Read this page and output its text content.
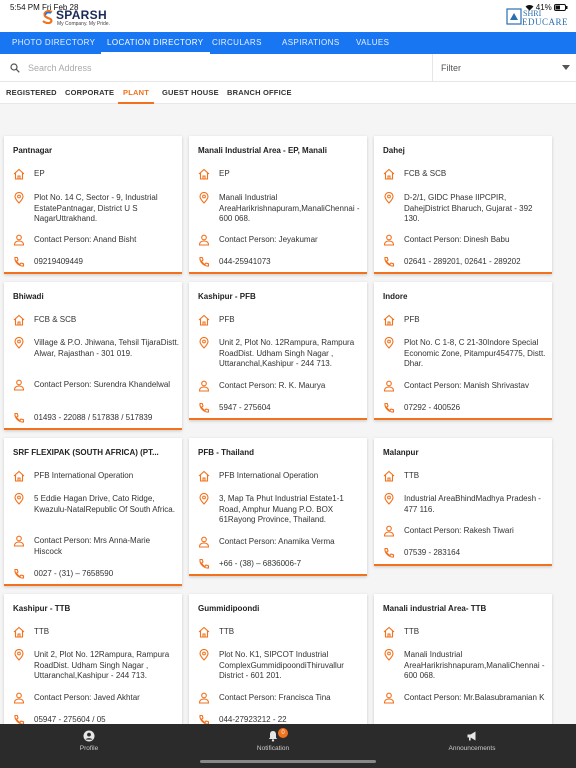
5:54 PM Fri Feb 28	41%
SPARSH
My Company. My Pride.
SHRI
EDUCARE
PHOTO DIRECTORY LOCATION DIRECTORY CIRCULARS	ASPIRATIONS VALUES
Search Address
Filter
REGISTERED CORPORATE PLANT GUEST HOUSE BRANCH OFFICE
Pantnagar
EP
Plot No. 14 C, Sector - 9, Industrial EstatePantnagar, District U S NagarUttrakhand.
Contact Person: Anand Bisht
09219409449
Manali Industrial Area - EP, Manali
EP
Manali Industrial AreaHarikrishnapuram,ManaliChennai - 600 068.
Contact Person: Jeyakumar
044-25941073
Dahej
FCB & SCB
D-2/1, GIDC Phase IIPCPIR, DahejDistrict Bharuch, Gujarat - 392 130.
Contact Person: Dinesh Babu
02641 - 289201, 02641 - 289202
Bhiwadi
FCB & SCB
Village & P.O. Jhiwana, Tehsil TijaraDistt. Alwar, Rajasthan - 301 019.
Contact Person: Surendra Khandelwal
01493 - 22088 / 517838 / 517839
Kashipur - PFB
PFB
Unit 2, Plot No. 12Rampura, Rampura RoadDist. Udham Singh Nagar , Uttaranchal,Kashipur - 244 713.
Contact Person: R. K. Maurya
5947 - 275604
Indore
PFB
Plot No. C 1-8, C 21-30Indore Special Economic Zone, Pitampur454775, Distt. Dhar.
Contact Person: Manish Shrivastav
07292 - 400526
SRF FLEXIPAK (SOUTH AFRICA) (PT...
PFB International Operation
5 Eddie Hagan Drive, Cato Ridge, Kwazulu-NatalRepublic Of South Africa.
Contact Person: Mrs Anna-Marie Hiscock
0027 - (31) – 7658590
PFB - Thailand
PFB International Operation
3, Map Ta Phut Industrial Estate1-1 Road, Amphur Muang P.O. BOX 61Rayong Province, Thailand.
Contact Person: Anamika Verma
+66 - (38) – 6836006-7
Malanpur
TTB
Industrial AreaBhindMadhya Pradesh - 477 116.
Contact Person: Rakesh Tiwari
07539 - 283164
Kashipur - TTB
TTB
Unit 2, Plot No. 12Rampura, Rampura RoadDist. Udham Singh Nagar , Uttaranchal,Kashipur - 244 713.
Contact Person: Javed Akhtar
05947 - 275604 / 05
Gummidipoondi
TTB
Plot No. K1, SIPCOT Industrial ComplexGummidipoondiThiruvallur District - 601 201.
Contact Person: Francisca Tina
044-27923212 - 22
Manali industrial Area- TTB
TTB
Manali Industrial AreaHarikrishnapuram,ManaliChennai - 600 068.
Contact Person: Mr.Balasubramanian K
Profile
0
Notification	Announcements
